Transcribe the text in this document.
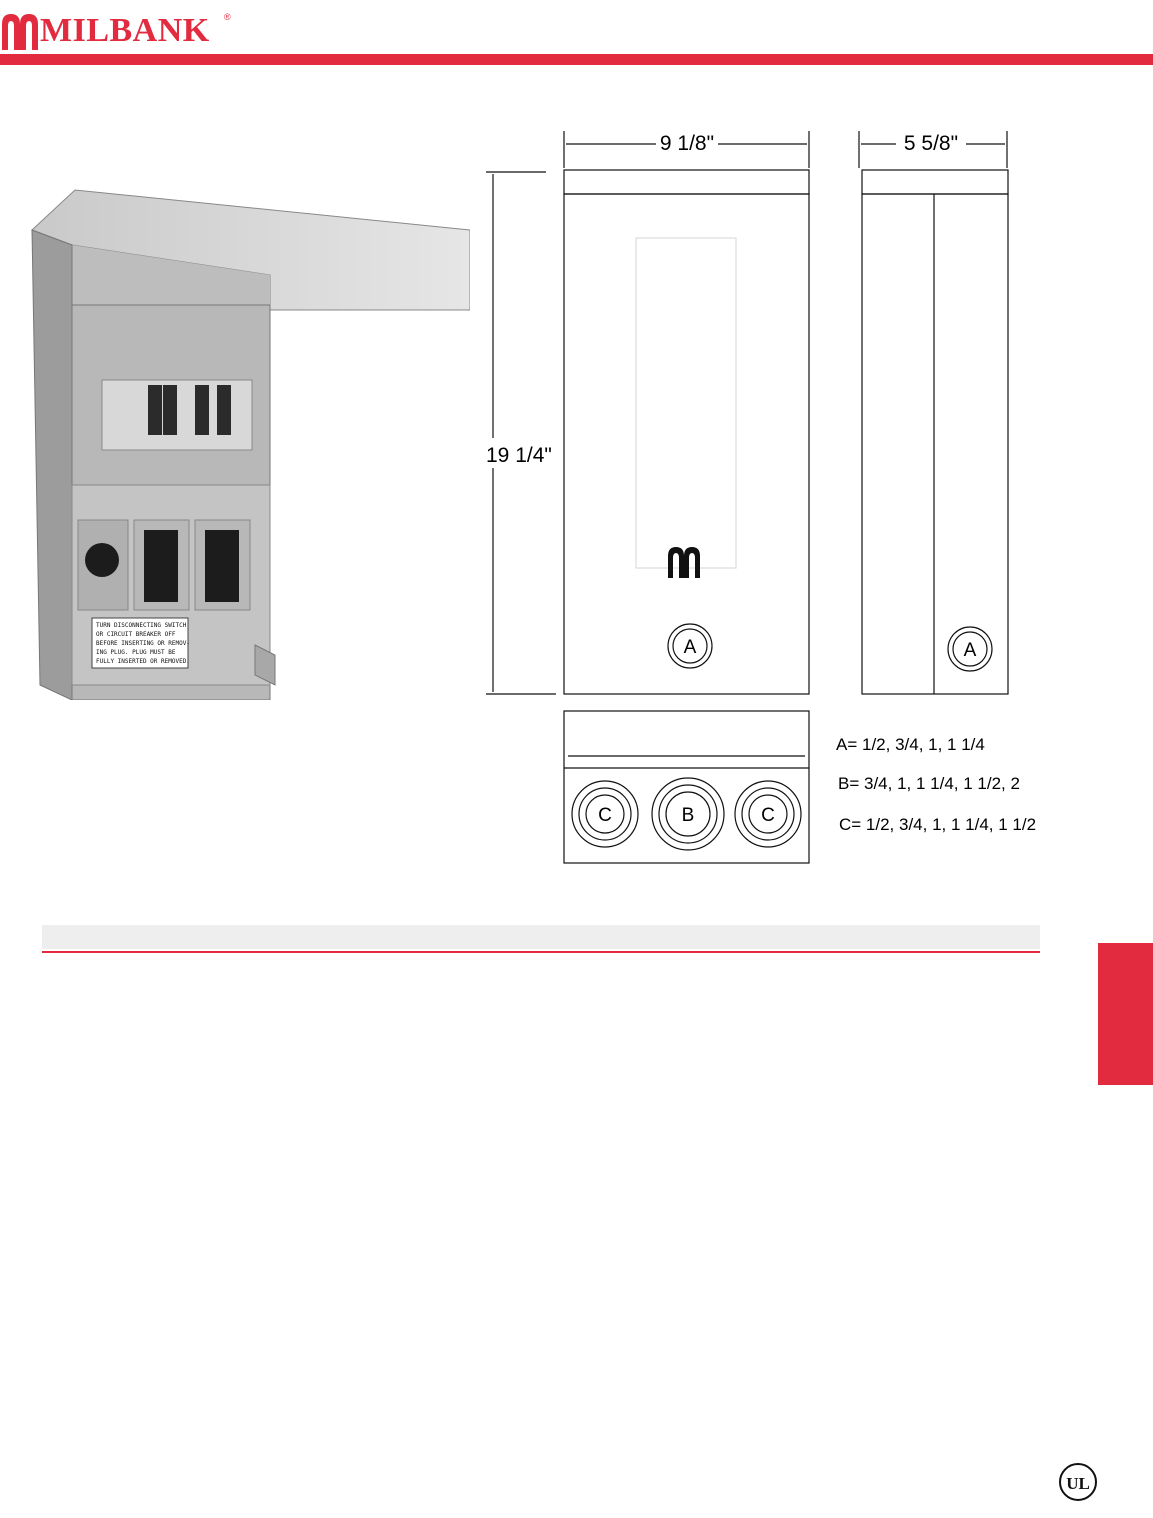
MILBANK ®
TURN DISCONNECTING SWITCH
OR CIRCUIT BREAKER OFF
BEFORE INSERTING OR REMOV-
ING PLUG. PLUG MUST BE
FULLY INSERTED OR REMOVED.
9 1/8"	5 5/8"
19 1/4"
A	A
C	B	C
A= 1/2, 3/4, 1, 1 1/4
B= 3/4, 1, 1 1/4, 1 1/2, 2
C= 1/2, 3/4, 1, 1 1/4, 1 1/2
UL
